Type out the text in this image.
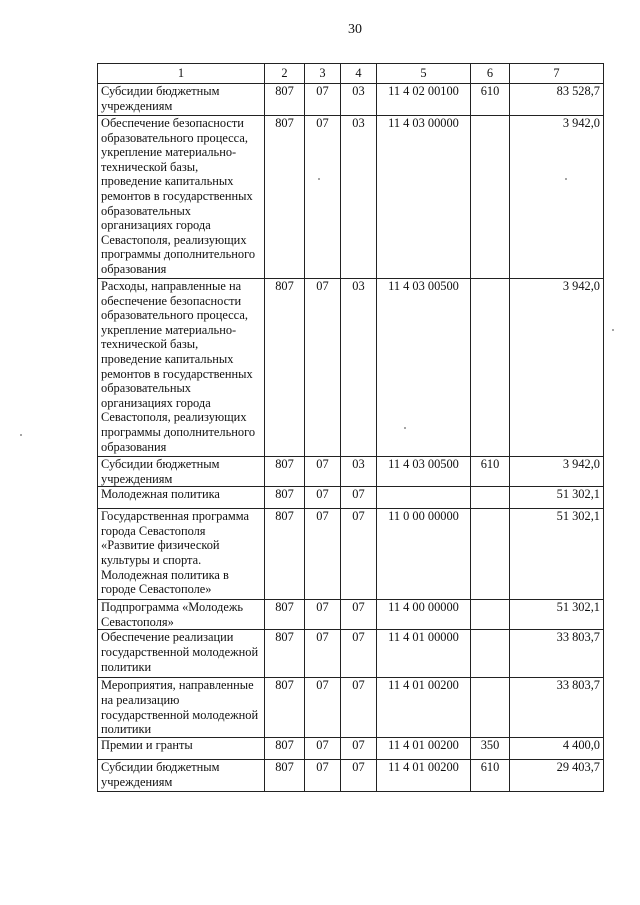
30
1	2	3	4	5	6	7
Субсидии бюджетным учреждениям	807	07	03	11 4 02 00100	610	83 528,7
Обеспечение безопасности образовательного процесса, укрепление материально-технической базы, проведение капитальных ремонтов в государственных образовательных организациях города Севастополя, реализующих программы дополнительного образования	807	07	03	11 4 03 00000		3 942,0
Расходы, направленные на обеспечение безопасности образовательного процесса, укрепление материально-технической базы, проведение капитальных ремонтов в государственных образовательных организациях города Севастополя, реализующих программы дополнительного образования	807	07	03	11 4 03 00500		3 942,0
Субсидии бюджетным учреждениям	807	07	03	11 4 03 00500	610	3 942,0
Молодежная политика	807	07	07			51 302,1
Государственная программа города Севастополя «Развитие физической культуры и спорта. Молодежная политика в городе Севастополе»	807	07	07	11 0 00 00000		51 302,1
Подпрограмма «Молодежь Севастополя»	807	07	07	11 4 00 00000		51 302,1
Обеспечение реализации государственной молодежной политики	807	07	07	11 4 01 00000		33 803,7
Мероприятия, направленные на реализацию государственной молодежной политики	807	07	07	11 4 01 00200		33 803,7
Премии и гранты	807	07	07	11 4 01 00200	350	4 400,0
Субсидии бюджетным учреждениям	807	07	07	11 4 01 00200	610	29 403,7
